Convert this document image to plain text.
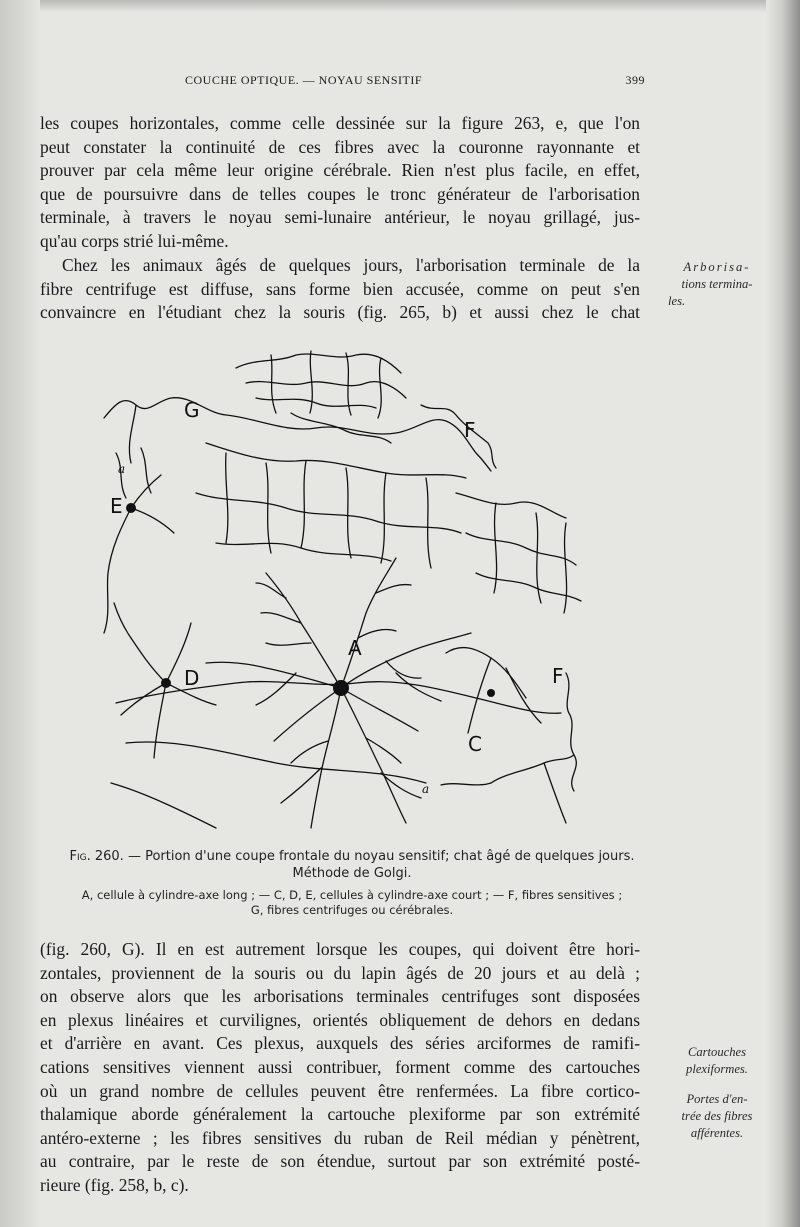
COUCHE OPTIQUE. — NOYAU SENSITIF	399
les coupes horizontales, comme celle dessinée sur la figure 263, e, que l'on
peut constater la continuité de ces fibres avec la couronne rayonnante et
prouver par cela même leur origine cérébrale. Rien n'est plus facile, en effet,
que de poursuivre dans de telles coupes le tronc générateur de l'arborisation
terminale, à travers le noyau semi-lunaire antérieur, le noyau grillagé, jus-
qu'au corps strié lui-même.
Chez les animaux âgés de quelques jours, l'arborisation terminale de la
fibre centrifuge est diffuse, sans forme bien accusée, comme on peut s'en
convaincre en l'étudiant chez la souris (fig. 265, b) et aussi chez le chat
Arborisa-
tions termina-
les.
G
F
E
A
D	F
C
a
a
Fig. 260. — Portion d'une coupe frontale du noyau sensitif; chat âgé de quelques jours.
Méthode de Golgi.
A, cellule à cylindre-axe long ; — C, D, E, cellules à cylindre-axe court ; — F, fibres sensitives ;
G, fibres centrifuges ou cérébrales.
(fig. 260, G). Il en est autrement lorsque les coupes, qui doivent être hori-
zontales, proviennent de la souris ou du lapin âgés de 20 jours et au delà ;
on observe alors que les arborisations terminales centrifuges sont disposées
en plexus linéaires et curvilignes, orientés obliquement de dehors en dedans
et d'arrière en avant. Ces plexus, auxquels des séries arciformes de ramifi-
cations sensitives viennent aussi contribuer, forment comme des cartouches
où un grand nombre de cellules peuvent être renfermées. La fibre cortico-
thalamique aborde généralement la cartouche plexiforme par son extrémité
antéro-externe ; les fibres sensitives du ruban de Reil médian y pénètrent,
au contraire, par le reste de son étendue, surtout par son extrémité posté-
rieure (fig. 258, b, c).
Cartouches
plexiformes.
Portes d'en-
trée des fibres
afférentes.
